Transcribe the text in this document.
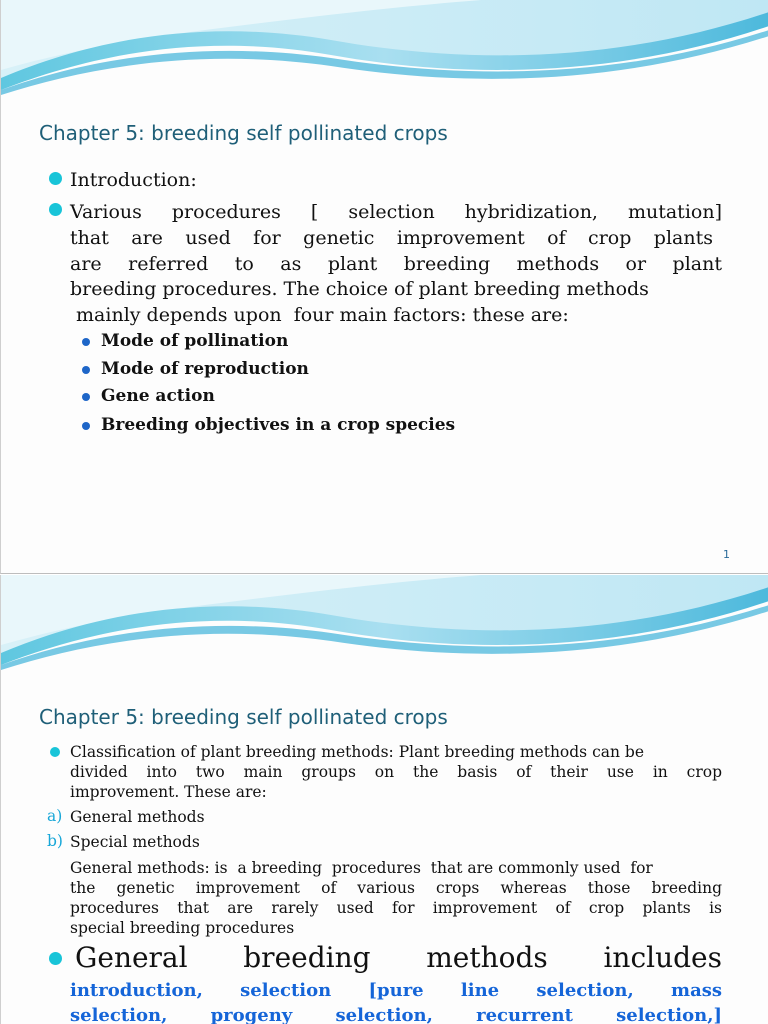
Chapter 5: breeding self pollinated crops
Introduction:
Various procedures [ selection hybridization, mutation]
that are used for genetic improvement of crop plants
are referred to as plant breeding methods or plant
breeding procedures. The choice of plant breeding methods
mainly depends upon  four main factors: these are:
Mode of pollination
Mode of reproduction
Gene action
Breeding objectives in a crop species
1
Chapter 5: breeding self pollinated crops
Classification of plant breeding methods: Plant breeding methods can be
divided into two main groups on the basis of their use in crop
improvement. These are:
a) General methods
b) Special methods
General methods: is  a breeding  procedures  that are commonly used  for
the genetic improvement of various crops whereas those breeding
procedures that are rarely used for improvement of crop plants is
special breeding procedures
General breeding methods includes
introduction, selection [pure line selection, mass
selection, progeny selection, recurrent selection,]
